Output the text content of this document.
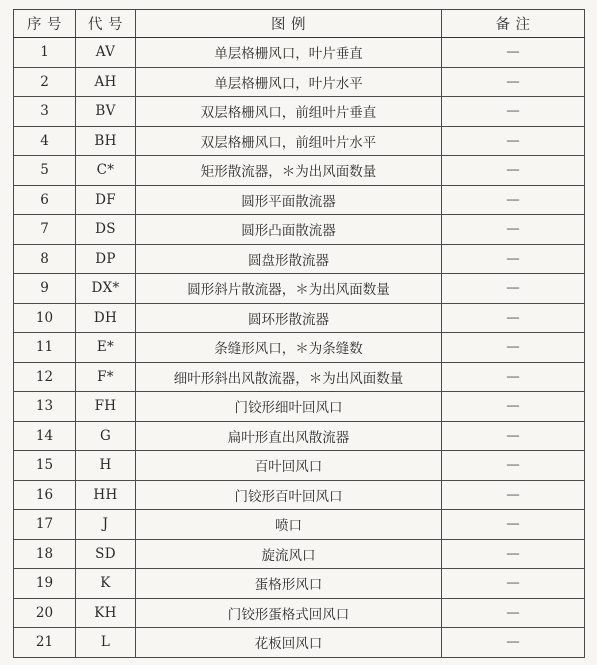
序 号	代 号	图 例	备 注
1	AV	单层格栅风口，叶片垂直	—
2	AH	单层格栅风口，叶片水平	—
3	BV	双层格栅风口，前组叶片垂直	—
4	BH	双层格栅风口，前组叶片水平	—
5	C*	矩形散流器，＊为出风面数量	—
6	DF	圆形平面散流器	—
7	DS	圆形凸面散流器	—
8	DP	圆盘形散流器	—
9	DX*	圆形斜片散流器，＊为出风面数量	—
10	DH	圆环形散流器	—
11	E*	条缝形风口，＊为条缝数	—
12	F*	细叶形斜出风散流器，＊为出风面数量	—
13	FH	门铰形细叶回风口	—
14	G	扁叶形直出风散流器	—
15	H	百叶回风口	—
16	HH	门铰形百叶回风口	—
17	J	喷口	—
18	SD	旋流风口	—
19	K	蛋格形风口	—
20	KH	门铰形蛋格式回风口	—
21	L	花板回风口	—
